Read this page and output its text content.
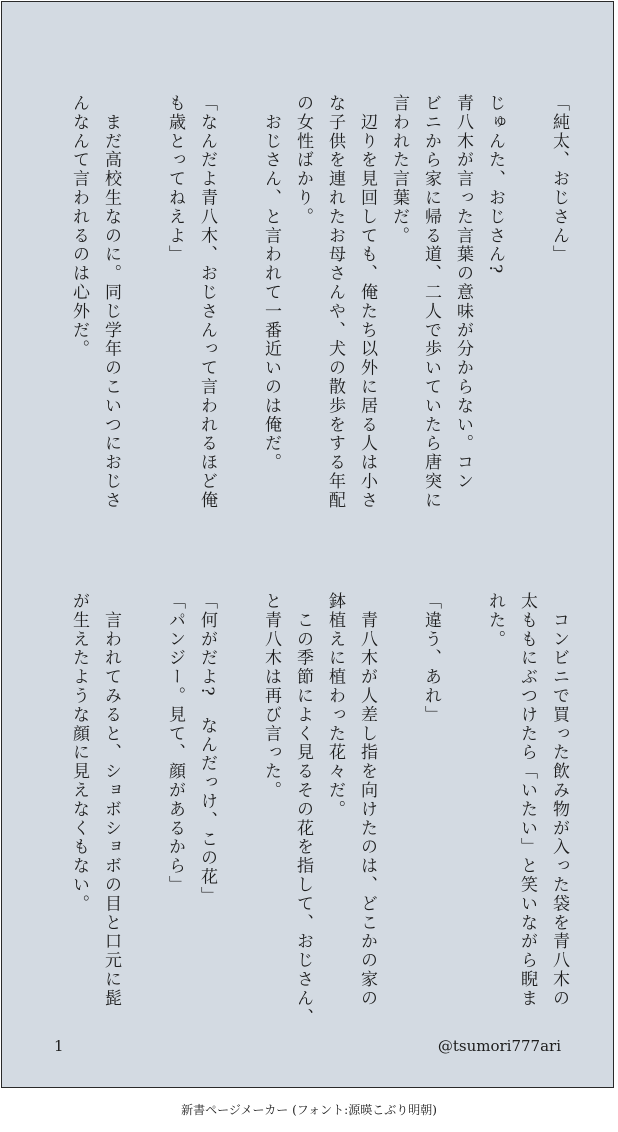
「純太、おじさん」

じゅんた、おじさん?

青八木が言った言葉の意味が分からない。コン

ビニから家に帰る道、二人で歩いていたら唐突に

言われた言葉だ。

　辺りを見回しても、俺たち以外に居る人は小さ

な子供を連れたお母さんや、犬の散歩をする年配

の女性ばかり。

　おじさん、と言われて一番近いのは俺だ。

「なんだよ青八木、おじさんって言われるほど俺

も歳とってねえよ」

　まだ高校生なのに。同じ学年のこいつにおじさ

んなんて言われるのは心外だ。

　コンビニで買った飲み物が入った袋を青八木の

太ももにぶつけたら「いたい」と笑いながら睨ま

れた。

「違う、あれ」

　青八木が人差し指を向けたのは、どこかの家の

鉢植えに植わった花々だ。

　この季節によく見るその花を指して、おじさん、

と青八木は再び言った。

「何がだよ?　なんだっけ、この花」

「パンジー。見て、顔があるから」

　言われてみると、ショボショボの目と口元に髭

が生えたような顔に見えなくもない。

1	@tsumori777ari
新書ページメーカー (フォント:源暎こぶり明朝)
